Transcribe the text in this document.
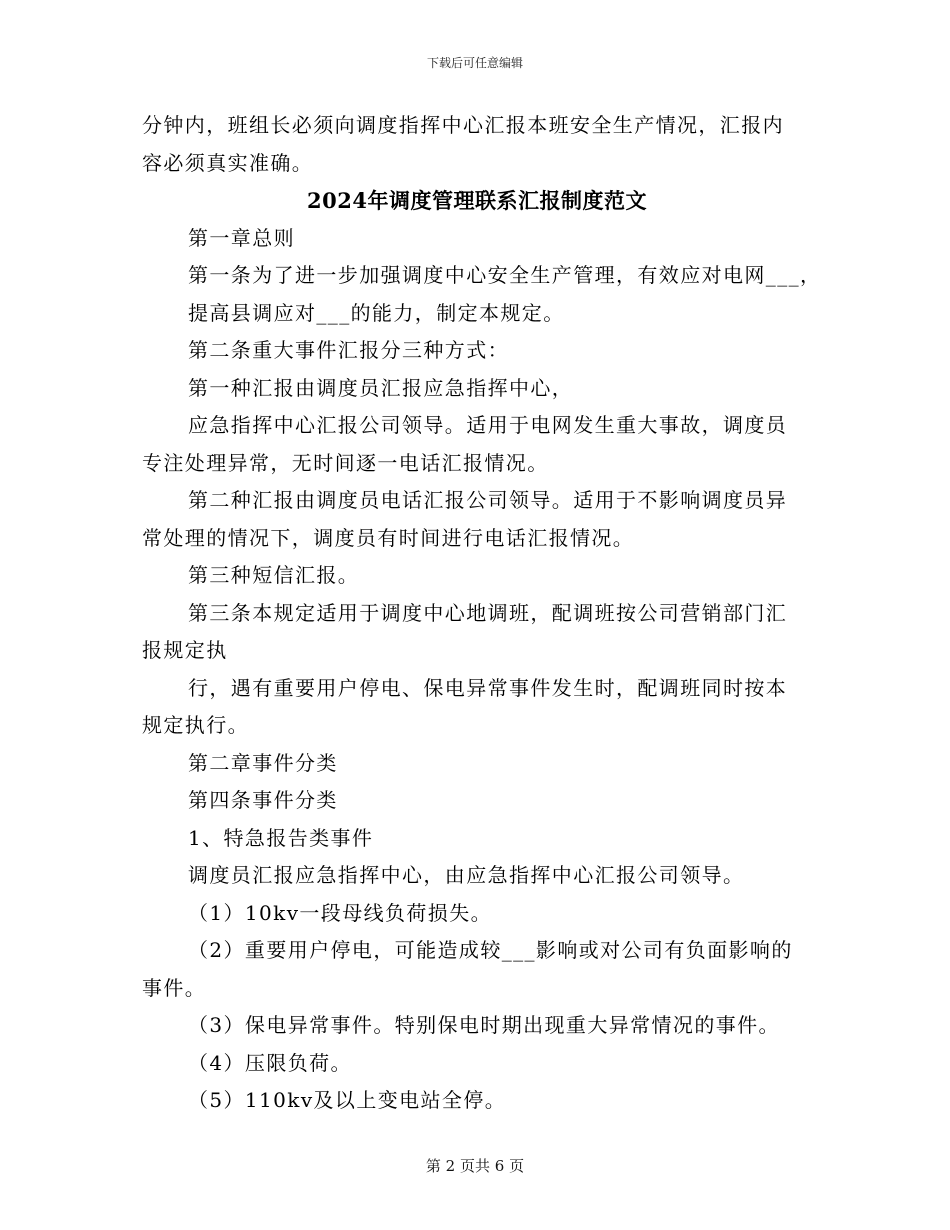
下载后可任意编辑

分钟内，班组长必须向调度指挥中心汇报本班安全生产情况，汇报内

容必须真实准确。

2024年调度管理联系汇报制度范文

第一章总则

第一条为了进一步加强调度中心安全生产管理，有效应对电网___，

提高县调应对___的能力，制定本规定。

第二条重大事件汇报分三种方式：

第一种汇报由调度员汇报应急指挥中心，

应急指挥中心汇报公司领导。适用于电网发生重大事故，调度员

专注处理异常，无时间逐一电话汇报情况。

第二种汇报由调度员电话汇报公司领导。适用于不影响调度员异

常处理的情况下，调度员有时间进行电话汇报情况。

第三种短信汇报。

第三条本规定适用于调度中心地调班，配调班按公司营销部门汇

报规定执

行，遇有重要用户停电、保电异常事件发生时，配调班同时按本

规定执行。

第二章事件分类

第四条事件分类

1、特急报告类事件

调度员汇报应急指挥中心，由应急指挥中心汇报公司领导。

（1）10kv一段母线负荷损失。

（2）重要用户停电，可能造成较___影响或对公司有负面影响的

事件。

（3）保电异常事件。特别保电时期出现重大异常情况的事件。

（4）压限负荷。

（5）110kv及以上变电站全停。

第 2 页共 6 页
